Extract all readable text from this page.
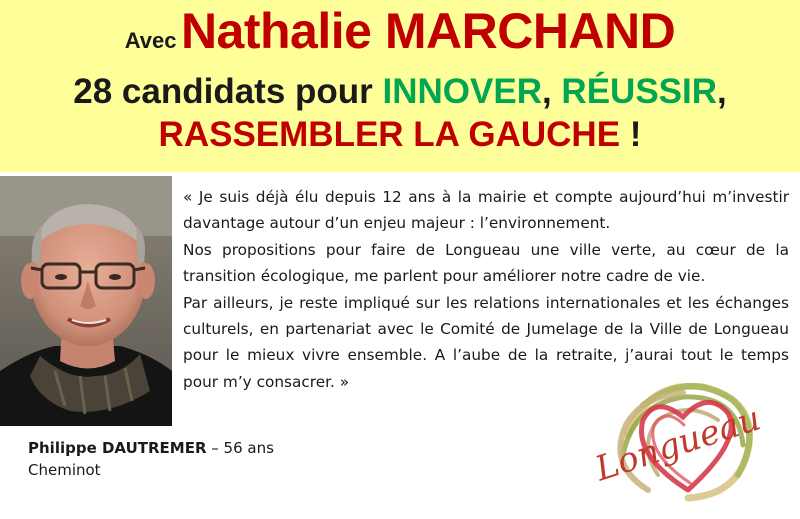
Avec Nathalie MARCHAND
28 candidats pour INNOVER, RÉUSSIR,
RASSEMBLER LA GAUCHE !

« Je suis déjà élu depuis 12 ans à la mairie et compte aujourd’hui m’investir davantage autour d’un enjeu majeur : l’environnement.

Nos propositions pour faire de Longueau une ville verte, au cœur de la transition écologique, me parlent pour améliorer notre cadre de vie.

Par ailleurs, je reste impliqué sur les relations internationales et les échanges culturels, en partenariat avec le Comité de Jumelage de la Ville de Longueau pour le mieux vivre ensemble. A l’aube de la retraite, j’aurai tout le temps pour m’y consacrer. »

Philippe DAUTREMER – 56 ans
Cheminot	Longueau
